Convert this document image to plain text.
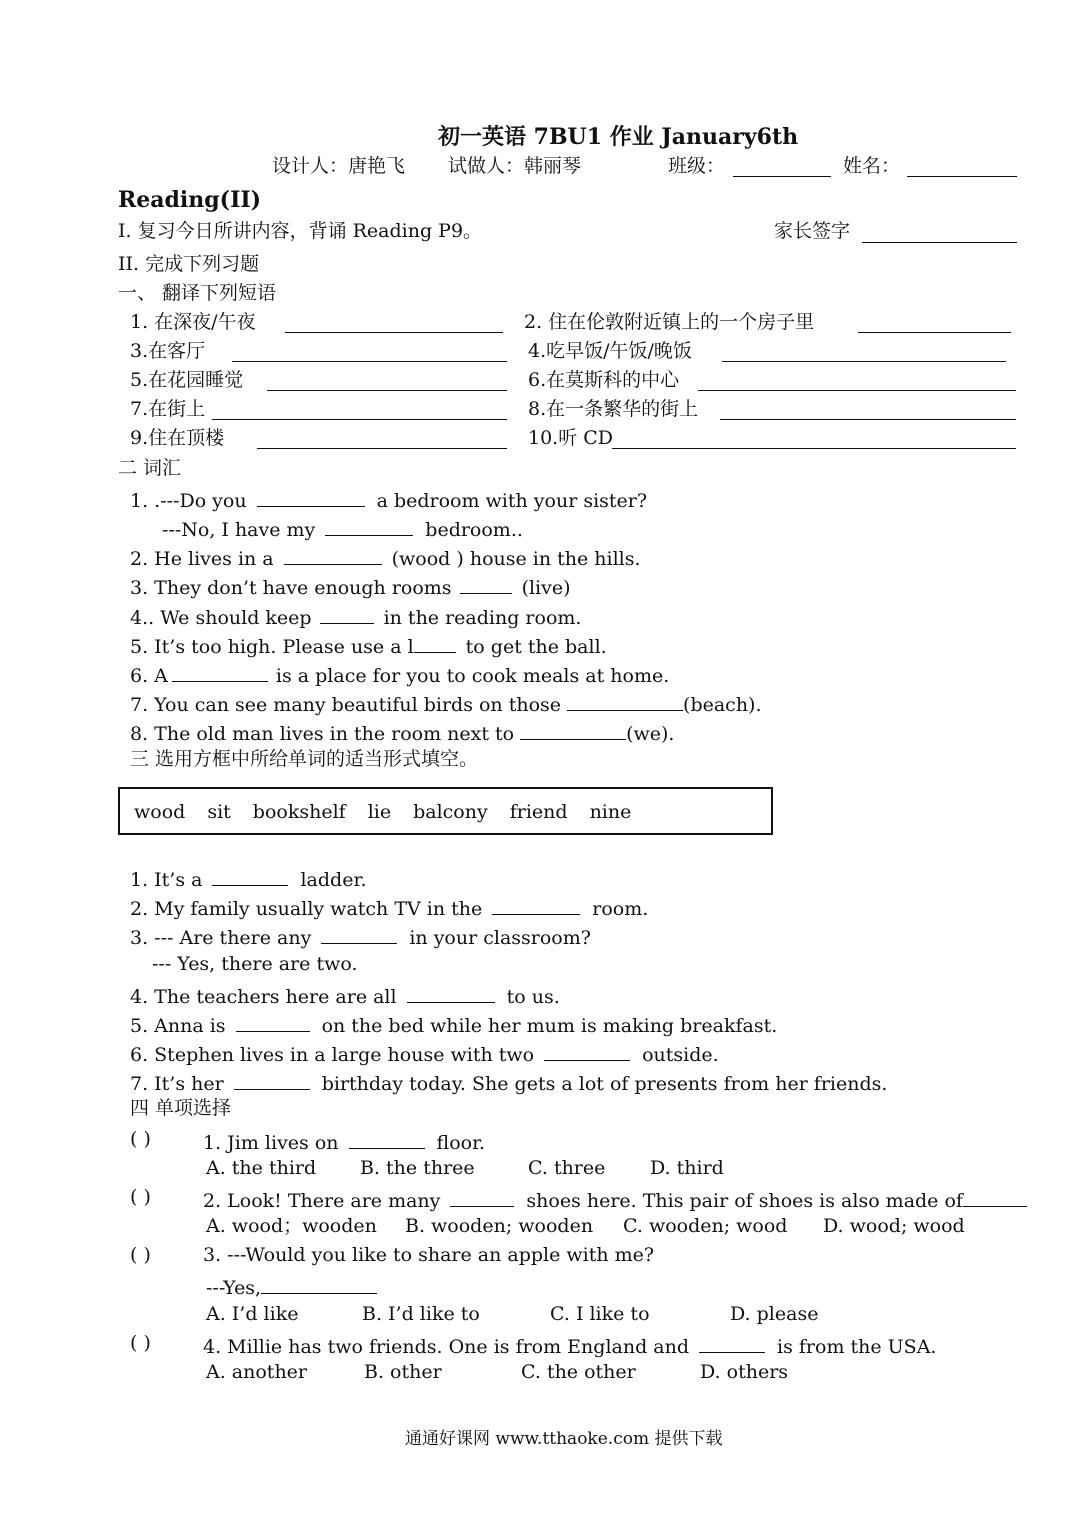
初一英语 7BU1 作业 January6th
设计人：唐艳飞 试做人：韩丽琴	班级：	姓名：
Reading(II)
I. 复习今日所讲内容，背诵 Reading P9。	家长签字
II. 完成下列习题
一、 翻译下列短语
1. 在深夜/午夜	2. 住在伦敦附近镇上的一个房子里
3.在客厅	4.吃早饭/午饭/晚饭
5.在花园睡觉	6.在莫斯科的中心
7.在街上	8.在一条繁华的街上
9.住在顶楼	10.听 CD
二 词汇
1. .---Do you	a bedroom with your sister?
---No, I have my	bedroom..
2. He lives in a	(wood ) house in the hills.
3. They don’t have enough rooms	(live)
4.. We should keep	in the reading room.
5. It’s too high. Please use a l	to get the ball.
6. A	is a place for you to cook meals at home.
7. You can see many beautiful birds on those	(beach).
8. The old man lives in the room next to	(we).
三 选用方框中所给单词的适当形式填空。
wood sit bookshelf lie balcony friend nine
1. It’s a	ladder.
2. My family usually watch TV in the	room.
3. --- Are there any	in your classroom?
--- Yes, there are two.
4. The teachers here are all	to us.
5. Anna is	on the bed while her mum is making breakfast.
6. Stephen lives in a large house with two	outside.
7. It’s her	birthday today. She gets a lot of presents from her friends.
四 单项选择
( )	1. Jim lives on	floor.
A. the third B. the three	C. three D. third
( )	2. Look! There are many	shoes here. This pair of shoes is also made of
A. wood；wooden B. wooden; wooden C. wooden; wood D. wood; wood
( )	3. ---Would you like to share an apple with me?
---Yes,
A. I’d like	B. I’d like to	C. I like to	D. please
( )	4. Millie has two friends. One is from England and	is from the USA.
A. another	B. other	C. the other	D. others
通通好课网 www.tthaoke.com 提供下载
